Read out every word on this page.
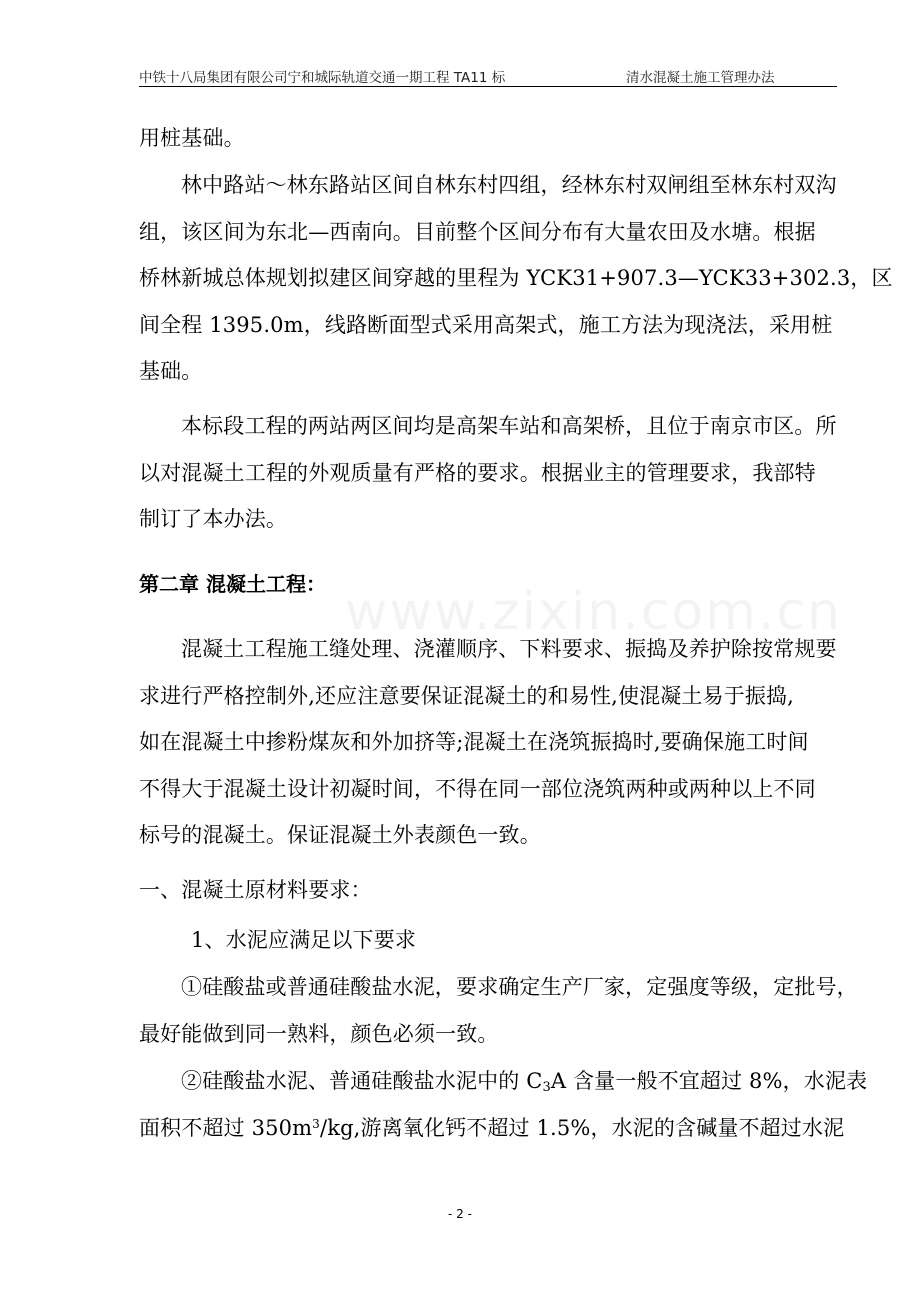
中铁十八局集团有限公司宁和城际轨道交通一期工程 TA11 标	清水混凝土施工管理办法
用桩基础。
林中路站～林东路站区间自林东村四组，经林东村双闸组至林东村双沟
组，该区间为东北—西南向。目前整个区间分布有大量农田及水塘。根据
桥林新城总体规划拟建区间穿越的里程为 YCK31+907.3—YCK33+302.3，区
间全程 1395.0m，线路断面型式采用高架式，施工方法为现浇法，采用桩
基础。
本标段工程的两站两区间均是高架车站和高架桥，且位于南京市区。所
以对混凝土工程的外观质量有严格的要求。根据业主的管理要求，我部特
制订了本办法。
第二章 混凝土工程：
混凝土工程施工缝处理、浇灌顺序、下料要求、振捣及养护除按常规要
求进行严格控制外,还应注意要保证混凝土的和易性,使混凝土易于振捣,
如在混凝土中掺粉煤灰和外加挤等;混凝土在浇筑振捣时,要确保施工时间
不得大于混凝土设计初凝时间，不得在同一部位浇筑两种或两种以上不同
标号的混凝土。保证混凝土外表颜色一致。
一、混凝土原材料要求：
1、水泥应满足以下要求
①硅酸盐或普通硅酸盐水泥，要求确定生产厂家，定强度等级，定批号，
最好能做到同一熟料，颜色必须一致。
②硅酸盐水泥、普通硅酸盐水泥中的 $C_3A$ 含量一般不宜超过 8%，水泥表
面积不超过 $350m^3/kg$,游离氧化钙不超过 1.5%，水泥的含碱量不超过水泥
- 2 -
